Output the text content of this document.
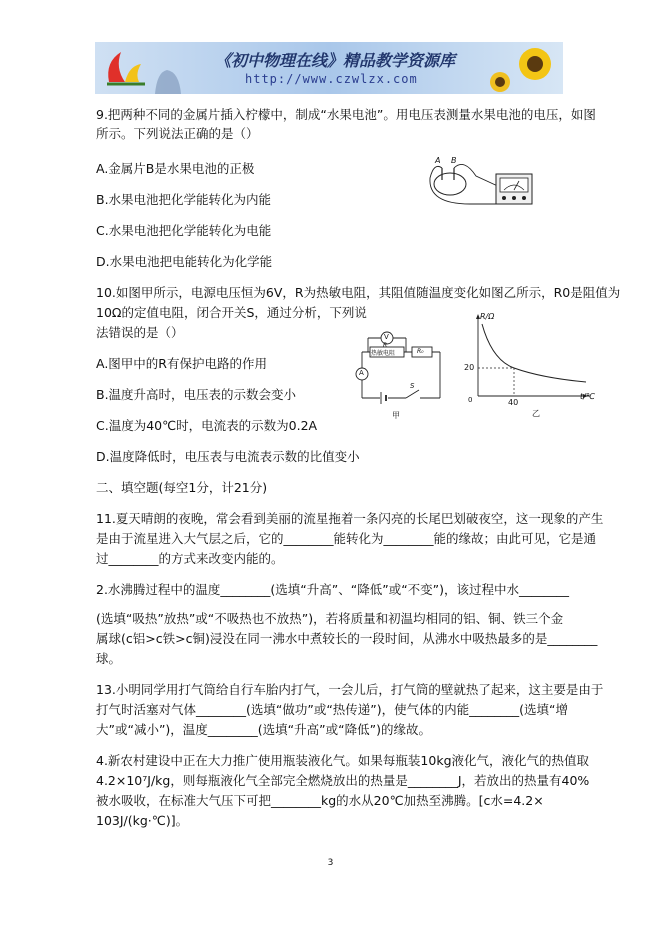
《初中物理在线》精品教学资源库
http://www.czwlzx.com
9.把两种不同的金属片插入柠檬中，制成“水果电池”。用电压表测量水果电池的电压，如图
所示。下列说法正确的是（）
A.金属片B是水果电池的正极
B.水果电池把化学能转化为内能
C.水果电池把化学能转化为电能
D.水果电池把电能转化为化学能
A B
10.如图甲所示，电源电压恒为6V，R为热敏电阻，其阻值随温度变化如图乙所示，R0是阻值为
10Ω的定值电阻，闭合开关S，通过分析，下列说
法错误的是（）
A.图甲中的R有保护电路的作用
B.温度升高时，电压表的示数会变小
C.温度为40℃时，电流表的示数为0.2A
D.温度降低时，电压表与电流表示数的比值变小
V
A
R
热敏电阻	R₀
S
甲
R/Ω
t/℃
20
40
0
乙
二、填空题(每空1分，计21分)
11.夏天晴朗的夜晚，常会看到美丽的流星拖着一条闪亮的长尾巴划破夜空，这一现象的产生
是由于流星进入大气层之后，它的________能转化为________能的缘故；由此可见，它是通
过________的方式来改变内能的。
2.水沸腾过程中的温度________(选填“升高”、“降低”或“不变”)，该过程中水________
(选填“吸热”放热”或“不吸热也不放热”)，若将质量和初温均相同的铝、铜、铁三个金
属球(c铝>c铁>c铜)浸没在同一沸水中煮较长的一段时间，从沸水中吸热最多的是________
球。
13.小明同学用打气筒给自行车胎内打气，一会儿后，打气筒的壁就热了起来，这主要是由于
打气时活塞对气体________(选填“做功”或“热传递”)，使气体的内能________(选填“增
大”或“减小”)，温度________(选填“升高”或“降低”)的缘故。
4.新农村建设中正在大力推广使用瓶装液化气。如果每瓶装10kg液化气，液化气的热值取
4.2×10⁷J/kg，则每瓶液化气全部完全燃烧放出的热量是________J，若放出的热量有40%
被水吸收，在标准大气压下可把________kg的水从20℃加热至沸腾。[c水=4.2×
103J/(kg·℃)]。
3
